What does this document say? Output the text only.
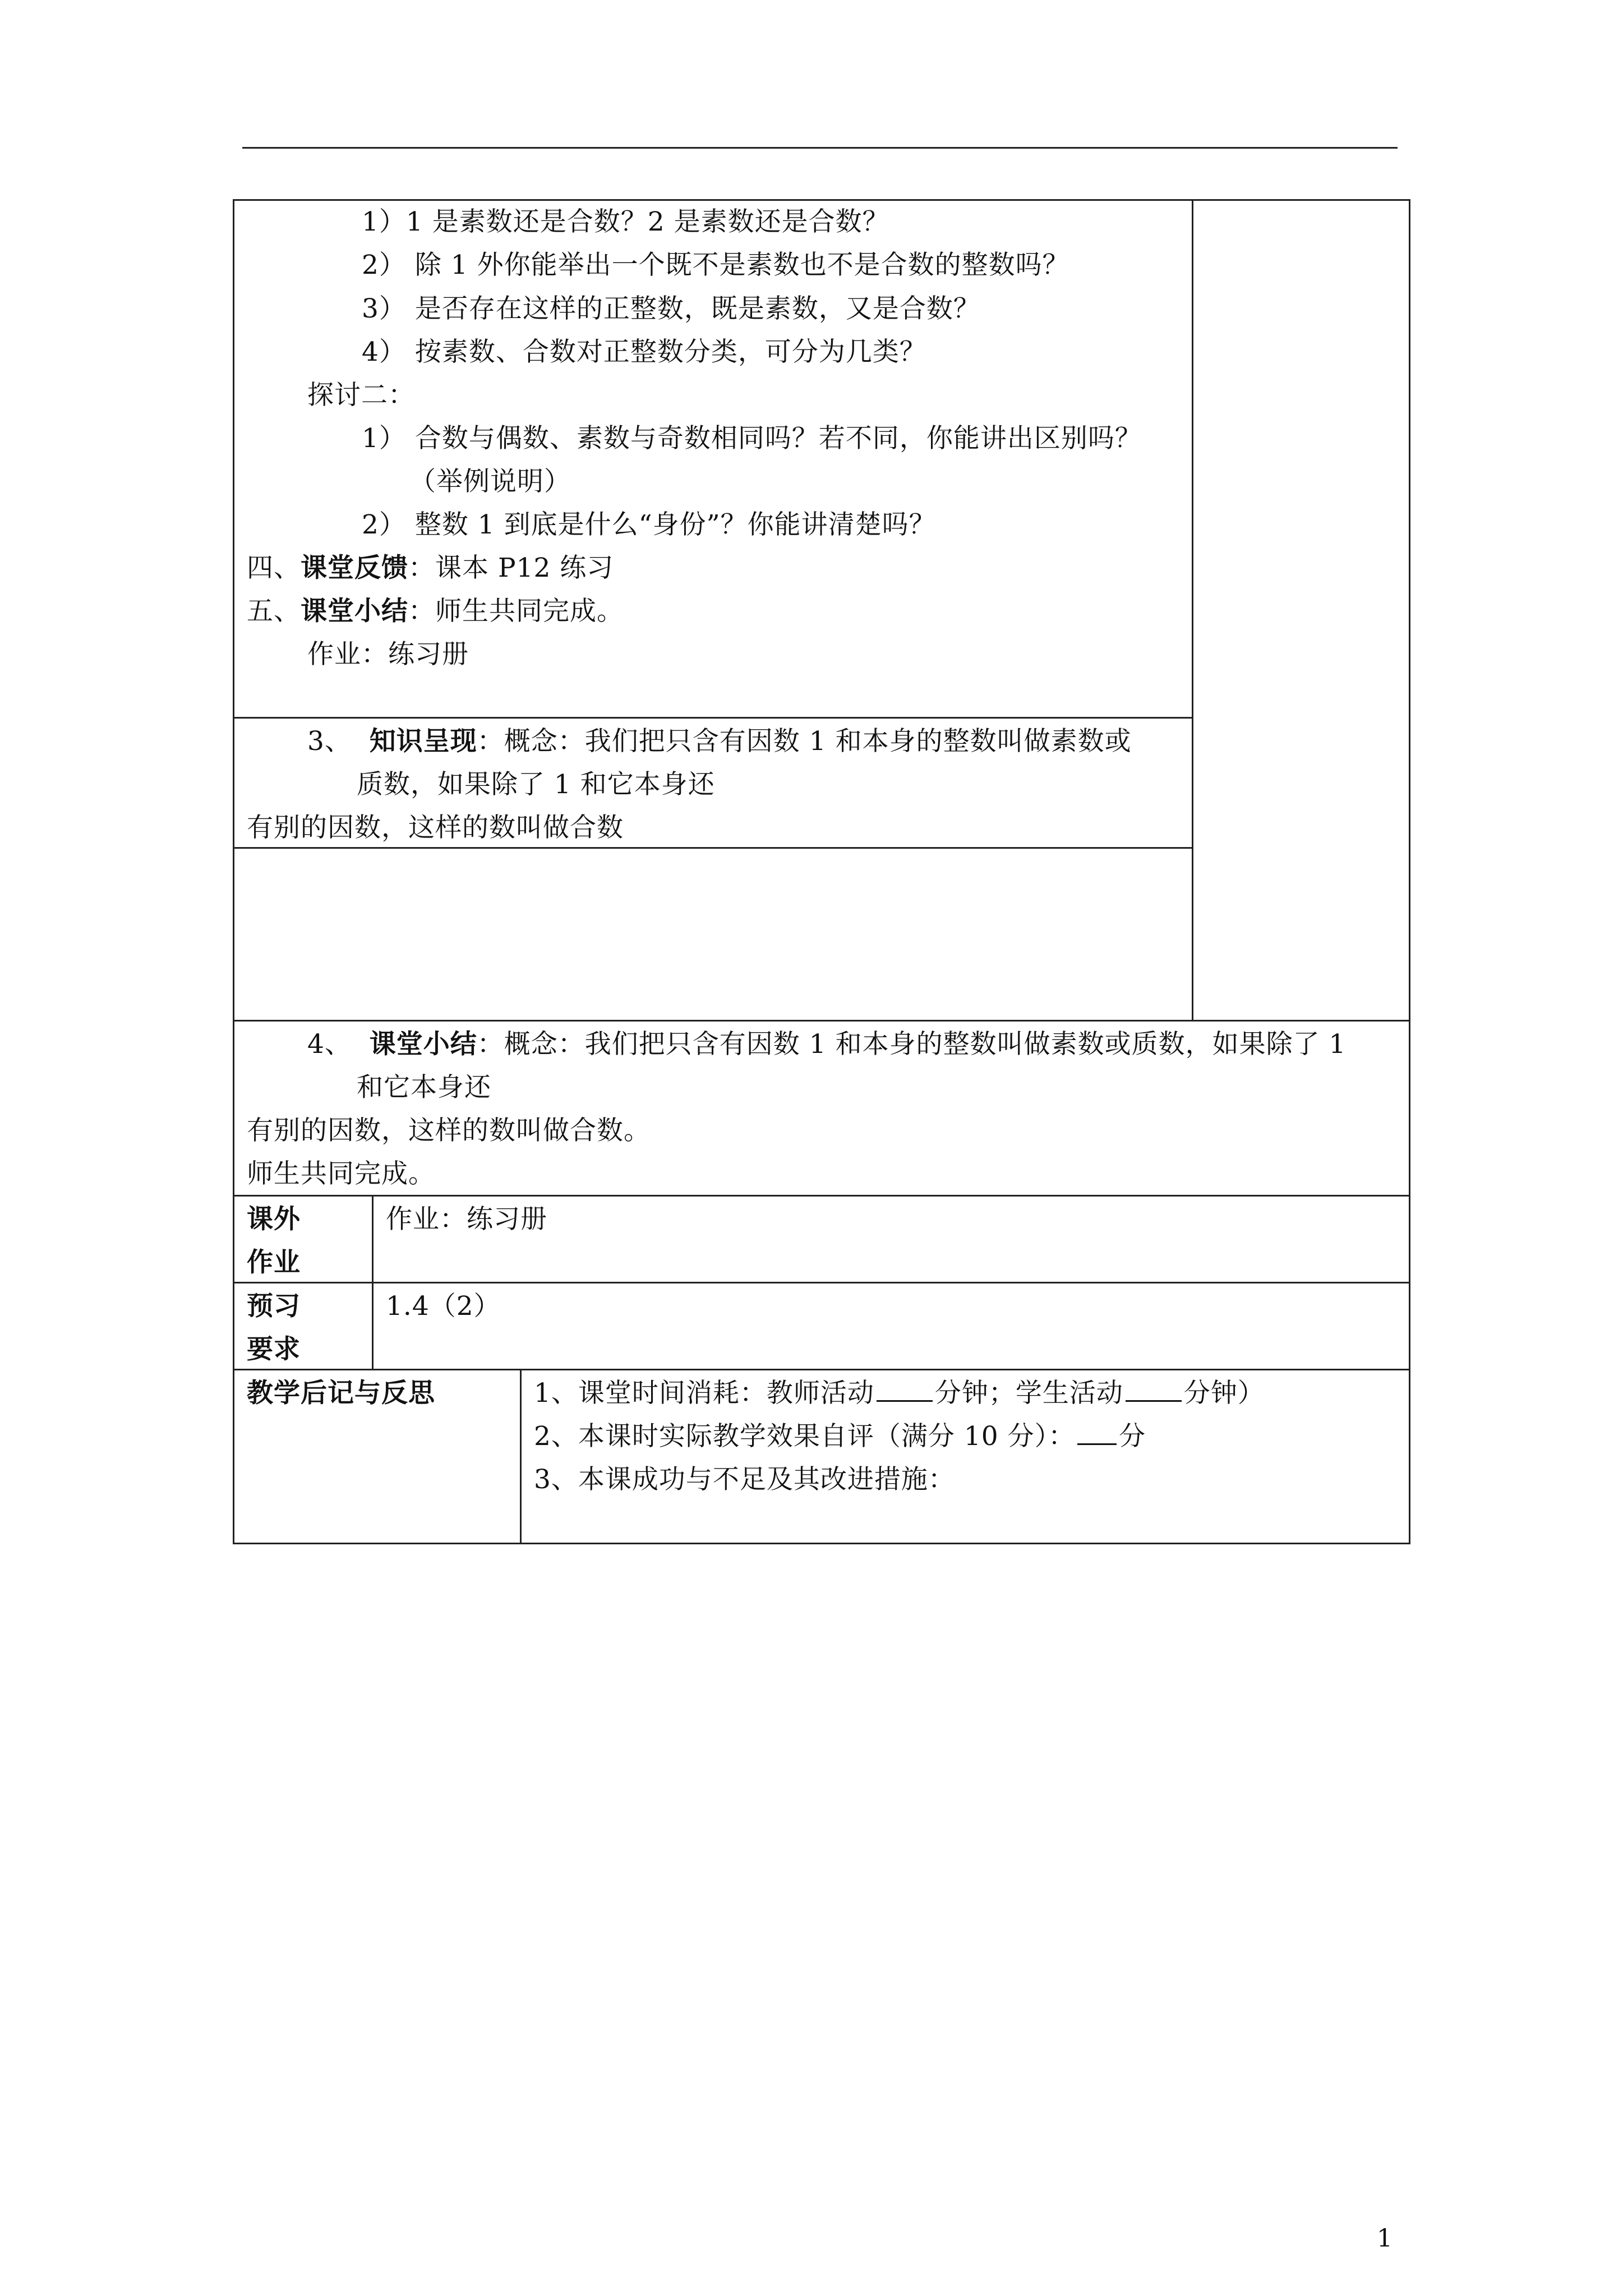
1）1 是素数还是合数？2 是素数还是合数？
2） 除 1 外你能举出一个既不是素数也不是合数的整数吗？
3） 是否存在这样的正整数，既是素数，又是合数？
4） 按素数、合数对正整数分类，可分为几类？
探讨二：
1） 合数与偶数、素数与奇数相同吗？若不同，你能讲出区别吗？
（举例说明）
2） 整数 1 到底是什么“身份”？你能讲清楚吗？
四、课堂反馈：课本 P12 练习
五、课堂小结：师生共同完成。
作业：练习册
3、 知识呈现：概念：我们把只含有因数 1 和本身的整数叫做素数或
质数，如果除了 1 和它本身还
有别的因数，这样的数叫做合数
4、 课堂小结：概念：我们把只含有因数 1 和本身的整数叫做素数或质数，如果除了 1
和它本身还
有别的因数，这样的数叫做合数。
师生共同完成。
课外
作业
作业：练习册
预习
要求
1.4（2）
教学后记与反思	1、课堂时间消耗：教师活动 分钟；学生活动 分钟）
2、本课时实际教学效果自评（满分 10 分）： 分
3、本课成功与不足及其改进措施：
1
